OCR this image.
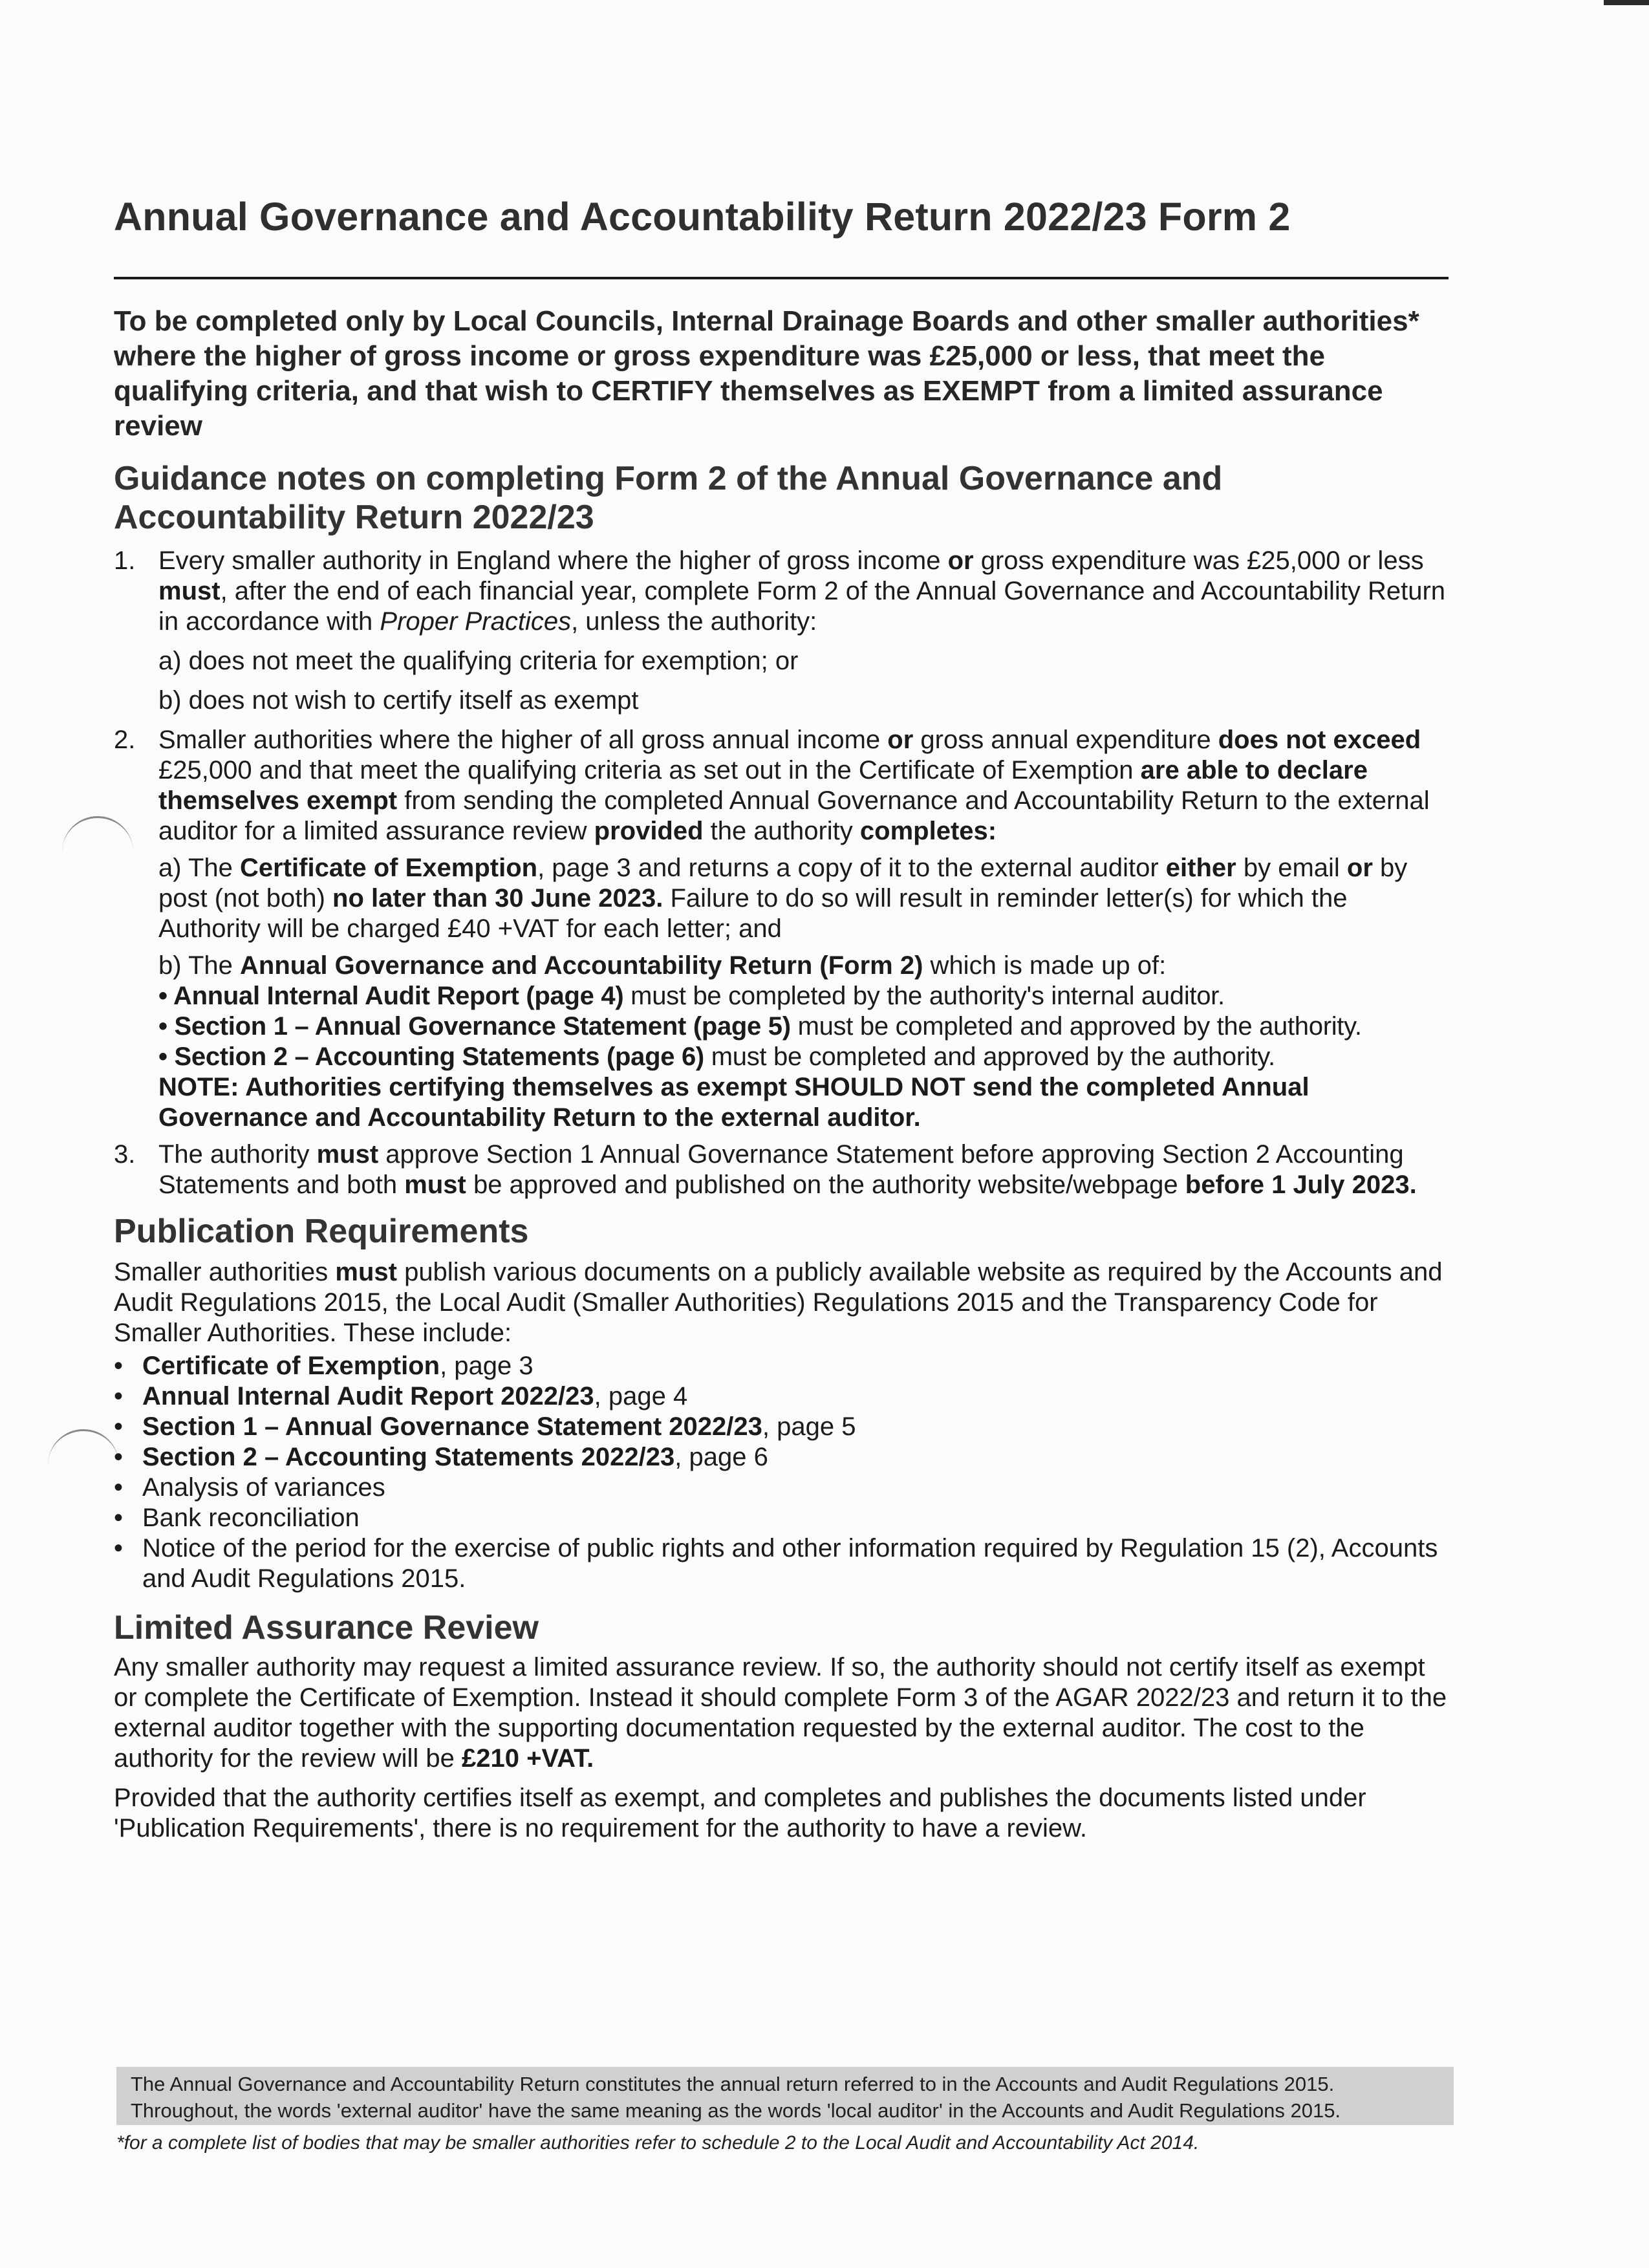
Annual Governance and Accountability Return 2022/23 Form 2
To be completed only by Local Councils, Internal Drainage Boards and other smaller authorities* where the higher of gross income or gross expenditure was £25,000 or less, that meet the qualifying criteria, and that wish to CERTIFY themselves as EXEMPT from a limited assurance review
Guidance notes on completing Form 2 of the Annual Governance and
Accountability Return 2022/23
1. Every smaller authority in England where the higher of gross income or gross expenditure was £25,000 or less must, after the end of each financial year, complete Form 2 of the Annual Governance and Accountability Return in accordance with Proper Practices, unless the authority:
a) does not meet the qualifying criteria for exemption; or
b) does not wish to certify itself as exempt
2. Smaller authorities where the higher of all gross annual income or gross annual expenditure does not exceed £25,000 and that meet the qualifying criteria as set out in the Certificate of Exemption are able to declare themselves exempt from sending the completed Annual Governance and Accountability Return to the external auditor for a limited assurance review provided the authority completes:
a) The Certificate of Exemption, page 3 and returns a copy of it to the external auditor either by email or by post (not both) no later than 30 June 2023. Failure to do so will result in reminder letter(s) for which the Authority will be charged £40 +VAT for each letter; and
b) The Annual Governance and Accountability Return (Form 2) which is made up of:
• Annual Internal Audit Report (page 4) must be completed by the authority's internal auditor.
• Section 1 – Annual Governance Statement (page 5) must be completed and approved by the authority.
• Section 2 – Accounting Statements (page 6) must be completed and approved by the authority.
NOTE: Authorities certifying themselves as exempt SHOULD NOT send the completed Annual Governance and Accountability Return to the external auditor.
3. The authority must approve Section 1 Annual Governance Statement before approving Section 2 Accounting Statements and both must be approved and published on the authority website/webpage before 1 July 2023.
Publication Requirements
Smaller authorities must publish various documents on a publicly available website as required by the Accounts and Audit Regulations 2015, the Local Audit (Smaller Authorities) Regulations 2015 and the Transparency Code for Smaller Authorities. These include:
• Certificate of Exemption, page 3
• Annual Internal Audit Report 2022/23, page 4
• Section 1 – Annual Governance Statement 2022/23, page 5
• Section 2 – Accounting Statements 2022/23, page 6
• Analysis of variances
• Bank reconciliation
• Notice of the period for the exercise of public rights and other information required by Regulation 15 (2), Accounts and Audit Regulations 2015.
Limited Assurance Review
Any smaller authority may request a limited assurance review. If so, the authority should not certify itself as exempt or complete the Certificate of Exemption. Instead it should complete Form 3 of the AGAR 2022/23 and return it to the external auditor together with the supporting documentation requested by the external auditor. The cost to the authority for the review will be £210 +VAT.
Provided that the authority certifies itself as exempt, and completes and publishes the documents listed under 'Publication Requirements', there is no requirement for the authority to have a review.
The Annual Governance and Accountability Return constitutes the annual return referred to in the Accounts and Audit Regulations 2015.
Throughout, the words 'external auditor' have the same meaning as the words 'local auditor' in the Accounts and Audit Regulations 2015.
*for a complete list of bodies that may be smaller authorities refer to schedule 2 to the Local Audit and Accountability Act 2014.
